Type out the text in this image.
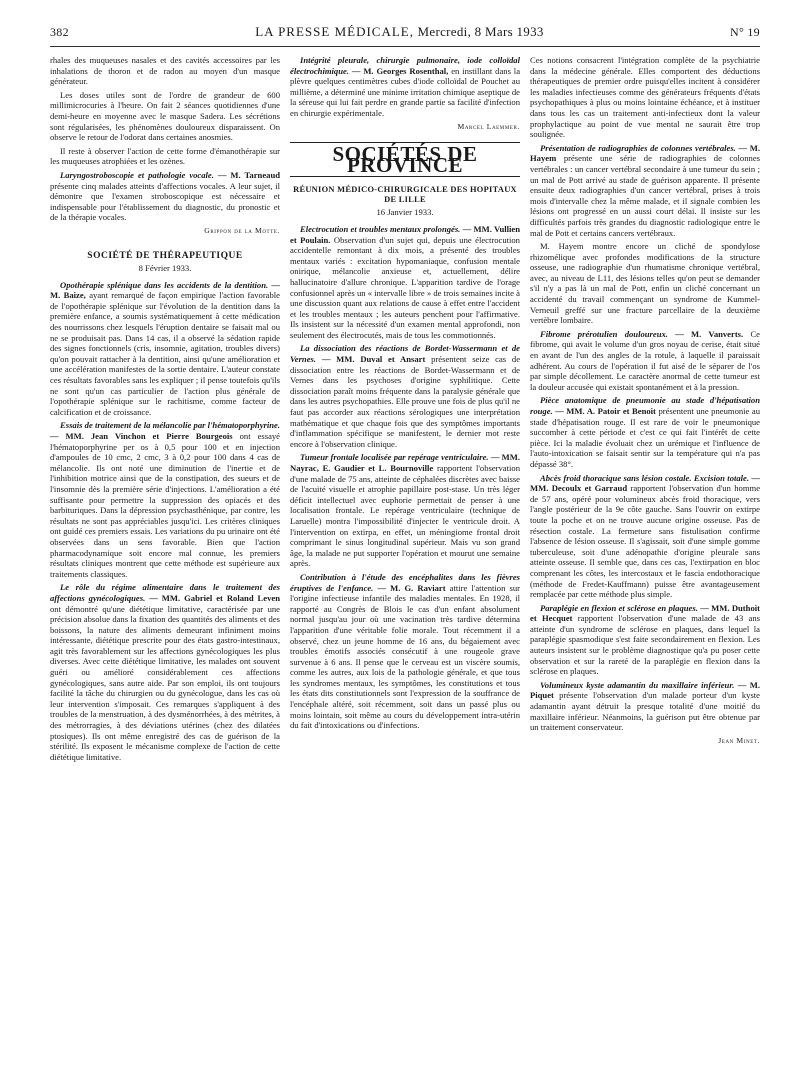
382	LA PRESSE MÉDICALE, Mercredi, 8 Mars 1933	N° 19

rhales des muqueuses nasales et des cavités accessoires par les inhalations de thoron et de radon au moyen d'un masque générateur.

Les doses utiles sont de l'ordre de grandeur de 600 millimicrocuries à l'heure. On fait 2 séances quotidiennes d'une demi-heure en moyenne avec le masque Sadera. Les sécrétions sont régularisées, les phénomènes douloureux disparaissent. On observe le retour de l'odorat dans certaines anosmies.

Il reste à observer l'action de cette forme d'émanothérapie sur les muqueuses atrophiées et les ozènes.

Laryngostroboscopie et pathologie vocale. — M. Tarneaud présente cinq malades atteints d'affections vocales. A leur sujet, il démontre que l'examen stroboscopique est nécessaire et indispensable pour l'établissement du diagnostic, du pronostic et de la thérapie vocales.

Grippon de la Motte.
SOCIÉTÉ DE THÉRAPEUTIQUE
8 Février 1933.

Opothérapie splénique dans les accidents de la dentition. — M. Baize, ayant remarqué de façon empirique l'action favorable de l'opothérapie splénique sur l'évolution de la dentition dans la première enfance, a soumis systématiquement à cette médication des nourrissons chez lesquels l'éruption dentaire se faisait mal ou ne se produisait pas. Dans 14 cas, il a observé la sédation rapide des signes fonctionnels (cris, insomnie, agitation, troubles divers) qu'on pouvait rattacher à la dentition, ainsi qu'une amélioration et une accélération manifestes de la sortie dentaire. L'auteur constate ces résultats favorables sans les expliquer ; il pense toutefois qu'ils ne sont qu'un cas particulier de l'action plus générale de l'opothérapie splénique sur le rachitisme, comme facteur de calcification et de croissance.

Essais de traitement de la mélancolie par l'hématoporphyrine. — MM. Jean Vinchon et Pierre Bourgeois ont essayé l'hématoporphyrine per os à 0,5 pour 100 et en injection d'ampoules de 10 cmc, 2 cmc, 3 à 0,2 pour 100 dans 4 cas de mélancolie. Ils ont noté une diminution de l'inertie et de l'inhibition motrice ainsi que de la constipation, des sueurs et de l'insomnie dès la première série d'injections. L'amélioration a été suffisante pour permettre la suppression des opiacés et des barbituriques. Dans la dépression psychasthénique, par contre, les résultats ne sont pas appréciables jusqu'ici. Les critères cliniques ont guidé ces premiers essais. Les variations du pu urinaire ont été observées dans un sens favorable. Bien que l'action pharmacodynamique soit encore mal connue, les premiers résultats cliniques montrent que cette méthode est supérieure aux traitements classiques.

Le rôle du régime alimentaire dans le traitement des affections gynécologiques. — MM. Gabriel et Roland Leven ont démontré qu'une diététique limitative, caractérisée par une précision absolue dans la fixation des quantités des aliments et des boissons, la nature des aliments demeurant infiniment moins intéressante, diététique prescrite pour des états gastro-intestinaux, agit très favorablement sur les affections gynécologiques les plus diverses. Avec cette diététique limitative, les malades ont souvent guéri ou amélioré considérablement ces affections gynécologiques, sans autre aide. Par son emploi, ils ont toujours facilité la tâche du chirurgien ou du gynécologue, dans les cas où leur intervention s'imposait. Ces remarques s'appliquent à des troubles de la menstruation, à des dysménorrhées, à des métrites, à des métrorragies, à des déviations utérines (chez des dilatées ptosiques). Ils ont même enregistré des cas de guérison de la stérilité. Ils exposent le mécanisme complexe de l'action de cette diététique limitative.

Intégrité pleurale, chirurgie pulmonaire, iode colloïdal électrochimique. — M. Georges Rosenthal, en instillant dans la plèvre quelques centimètres cubes d'iode colloïdal de Pouchet au millième, a déterminé une minime irritation chimique aseptique de la séreuse qui lui fait perdre en grande partie sa facilité d'infection en chirurgie expérimentale.

Marcel Laemmer.
SOCIÉTÉS DE PROVINCE
RÉUNION MÉDICO-CHIRURGICALE DES HOPITAUX
DE LILLE
16 Janvier 1933.

Electrocution et troubles mentaux prolongés. — MM. Vullien et Poulain. Observation d'un sujet qui, depuis une électrocution accidentelle remontant à dix mois, a présenté des troubles mentaux variés : excitation hypomaniaque, confusion mentale onirique, mélancolie anxieuse et, actuellement, délire hallucinatoire d'allure chronique. L'apparition tardive de l'orage confusionnel après un « intervalle libre » de trois semaines incite à une discussion quant aux relations de cause à effet entre l'accident et les troubles mentaux ; les auteurs penchent pour l'affirmative. Ils insistent sur la nécessité d'un examen mental approfondi, non seulement des électrocutés, mais de tous les commotionnés.

La dissociation des réactions de Bordet-Wassermann et de Vernes. — MM. Duval et Ansart présentent seize cas de dissociation entre les réactions de Bordet-Wassermann et de Vernes dans les psychoses d'origine syphilitique. Cette dissociation paraît moins fréquente dans la paralysie générale que dans les autres psychopathies. Elle prouve une fois de plus qu'il ne faut pas accorder aux réactions sérologiques une interprétation mathématique et que chaque fois que des symptômes importants d'inflammation spécifique se manifestent, le dernier mot reste encore à l'observation clinique.

Tumeur frontale localisée par repérage ventriculaire. — MM. Nayrac, E. Gaudier et L. Bournoville rapportent l'observation d'une malade de 75 ans, atteinte de céphalées discrètes avec baisse de l'acuité visuelle et atrophie papillaire post-stase. Un très léger déficit intellectuel avec euphorie permettait de penser à une localisation frontale. Le repérage ventriculaire (technique de Laruelle) montra l'impossibilité d'injecter le ventricule droit. A l'intervention on extirpa, en effet, un méningiome frontal droit comprimant le sinus longitudinal supérieur. Mais vu son grand âge, la malade ne put supporter l'opération et mourut une semaine après.

Contribution à l'étude des encéphalites dans les fièvres éruptives de l'enfance. — M. G. Raviart attire l'attention sur l'origine infectieuse infantile des maladies mentales. En 1928, il rapporté au Congrès de Blois le cas d'un enfant absolument normal jusqu'au jour où une vacination très tardive détermina l'apparition d'une véritable folie morale. Tout récemment il a observé, chez un jeune homme de 16 ans, du bégaiement avec troubles émotifs associés consécutif à une rougeole grave survenue à 6 ans. Il pense que le cerveau est un viscère soumis, comme les autres, aux lois de la pathologie générale, et que tous les syndromes mentaux, les symptômes, les constitutions et tous les états dits constitutionnels sont l'expression de la souffrance de l'encéphale altéré, soit récemment, soit dans un passé plus ou moins lointain, soit même au cours du développement intra-utérin du fait d'intoxications ou d'infections.

Ces notions consacrent l'intégration complète de la psychiatrie dans la médecine générale. Elles comportent des déductions thérapeutiques de premier ordre puisqu'elles incitent à considérer les maladies infectieuses comme des générateurs fréquents d'états psychopathiques à plus ou moins lointaine échéance, et à instituer dans tous les cas un traitement anti-infectieux dont la valeur prophylactique au point de vue mental ne saurait être trop soulignée.

Présentation de radiographies de colonnes vertébrales. — M. Hayem présente une série de radiographies de colonnes vertébrales : un cancer vertébral secondaire à une tumeur du sein ; un mal de Pott arrivé au stade de guérison apparente. Il présente ensuite deux radiographies d'un cancer vertébral, prises à trois mois d'intervalle chez la même malade, et il signale combien les lésions ont progressé en un aussi court délai. Il insiste sur les difficultés parfois très grandes du diagnostic radiologique entre le mal de Pott et certains cancers vertébraux.

M. Hayem montre encore un cliché de spondylose rhizomélique avec profondes modifications de la structure osseuse, une radiographie d'un rhumatisme chronique vertébral, avec, au niveau de L11, des lésions telles qu'on peut se demander s'il n'y a pas là un mal de Pott, enfin un cliché concernant un accidenté du travail commençant un syndrome de Kummel-Verneuil greffé sur une fracture parcellaire de la deuxième vertèbre lombaire.

Fibrome prérotulien douloureux. — M. Vanverts. Ce fibrome, qui avait le volume d'un gros noyau de cerise, était situé en avant de l'un des angles de la rotule, à laquelle il paraissait adhérent. Au cours de l'opération il fut aisé de le séparer de l'os par simple décollement. Le caractère anormal de cette tumeur est la douleur accusée qui existait spontanément et à la pression.

Pièce anatomique de pneumonie au stade d'hépatisation rouge. — MM. A. Patoir et Benoit présentent une pneumonie au stade d'hépatisation rouge. Il est rare de voir le pneumonique succomber à cette période et c'est ce qui fait l'intérêt de cette pièce. Ici la maladie évoluait chez un urémique et l'influence de l'auto-intoxication se faisait sentir sur la température qui n'a pas dépassé 38°.

Abcès froid thoracique sans lésion costale. Excision totale. — MM. Decoulx et Garraud rapportent l'observation d'un homme de 57 ans, opéré pour volumineux abcès froid thoracique, vers l'angle postérieur de la 9e côte gauche. Sans l'ouvrir on extirpe toute la poche et on ne trouve aucune origine osseuse. Pas de résection costale. La fermeture sans fistulisation confirme l'absence de lésion osseuse. Il s'agissait, soit d'une simple gomme tuberculeuse, soit d'une adénopathie d'origine pleurale sans atteinte osseuse. Il semble que, dans ces cas, l'extirpation en bloc comprenant les côtes, les intercostaux et le fascia endothoracique (méthode de Fredet-Kauffmann) puisse être avantageusement remplacée par cette méthode plus simple.

Paraplégie en flexion et sclérose en plaques. — MM. Duthoit et Hecquet rapportent l'observation d'une malade de 43 ans atteinte d'un syndrome de sclérose en plaques, dans lequel la paraplégie spasmodique s'est faite secondairement en flexion. Les auteurs insistent sur le problème diagnostique qu'a pu poser cette observation et sur la rareté de la paraplégie en flexion dans la sclérose en plaques.

Volumineux kyste adamantin du maxillaire inférieur. — M. Piquet présente l'observation d'un malade porteur d'un kyste adamantin ayant détruit la presque totalité d'une moitié du maxillaire inférieur. Néanmoins, la guérison put être obtenue par un traitement conservateur.

Jean Minet.
